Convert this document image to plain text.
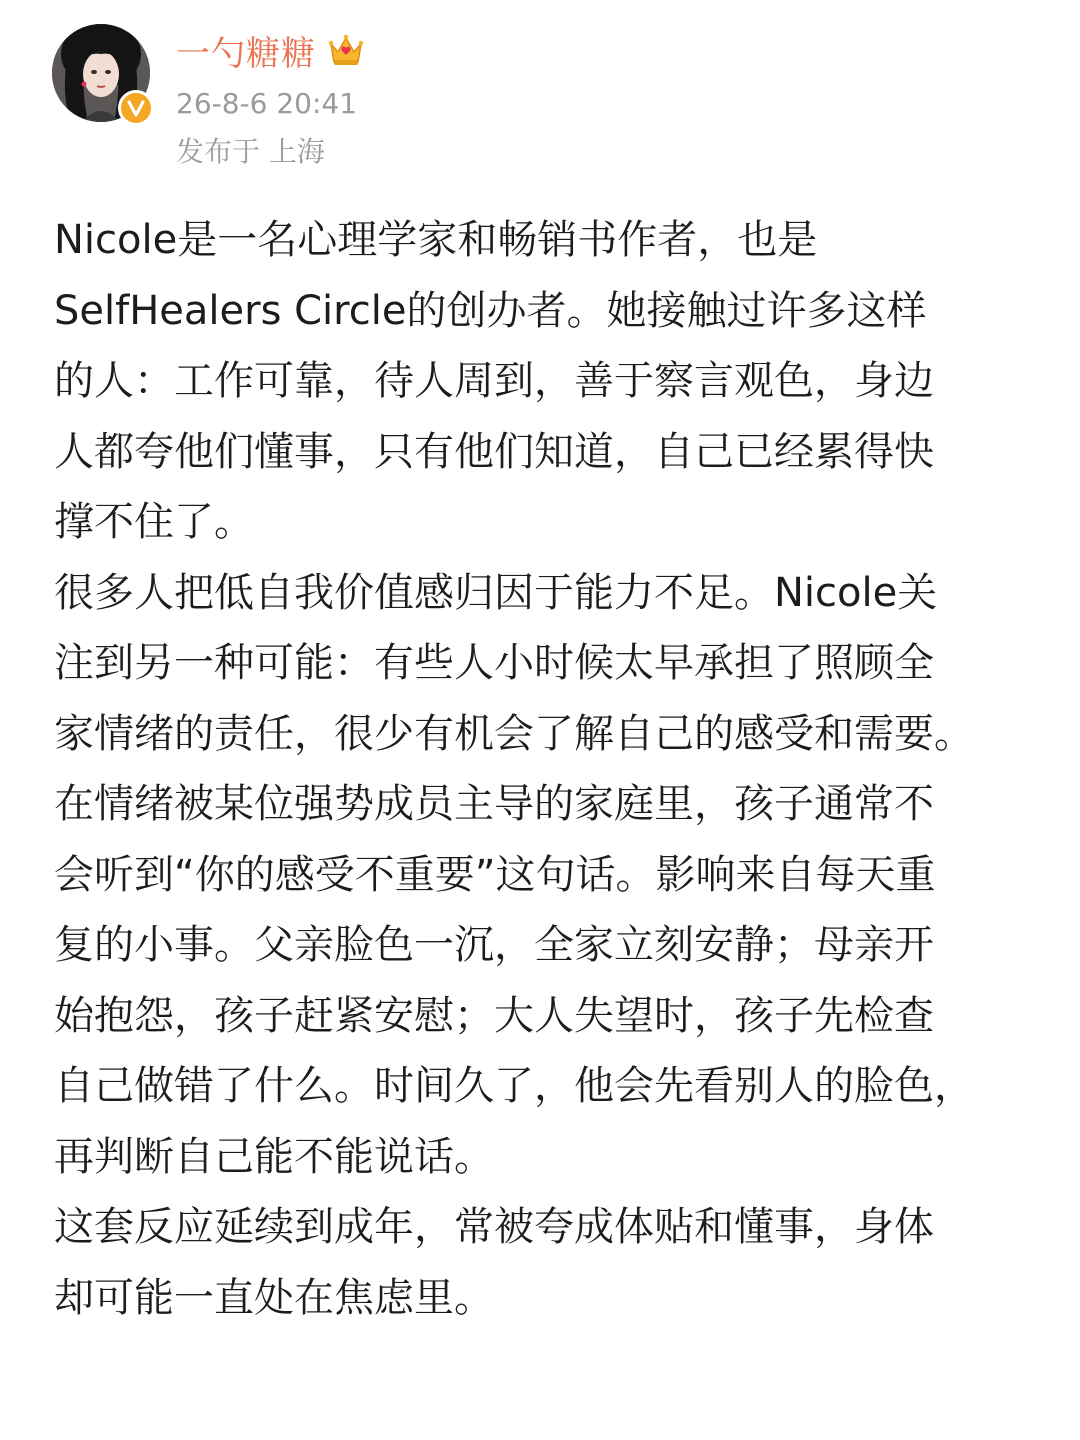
一勺糖糖
26-8-6 20:41
发布于 上海
Nicole是一名心理学家和畅销书作者，也是
SelfHealers Circle的创办者。她接触过许多这样
的人：工作可靠，待人周到，善于察言观色，身边
人都夸他们懂事，只有他们知道，自己已经累得快
撑不住了。
很多人把低自我价值感归因于能力不足。Nicole关
注到另一种可能：有些人小时候太早承担了照顾全
家情绪的责任，很少有机会了解自己的感受和需要。
在情绪被某位强势成员主导的家庭里，孩子通常不
会听到“你的感受不重要”这句话。影响来自每天重
复的小事。父亲脸色一沉，全家立刻安静；母亲开
始抱怨，孩子赶紧安慰；大人失望时，孩子先检查
自己做错了什么。时间久了，他会先看别人的脸色，
再判断自己能不能说话。
这套反应延续到成年，常被夸成体贴和懂事，身体
却可能一直处在焦虑里。
